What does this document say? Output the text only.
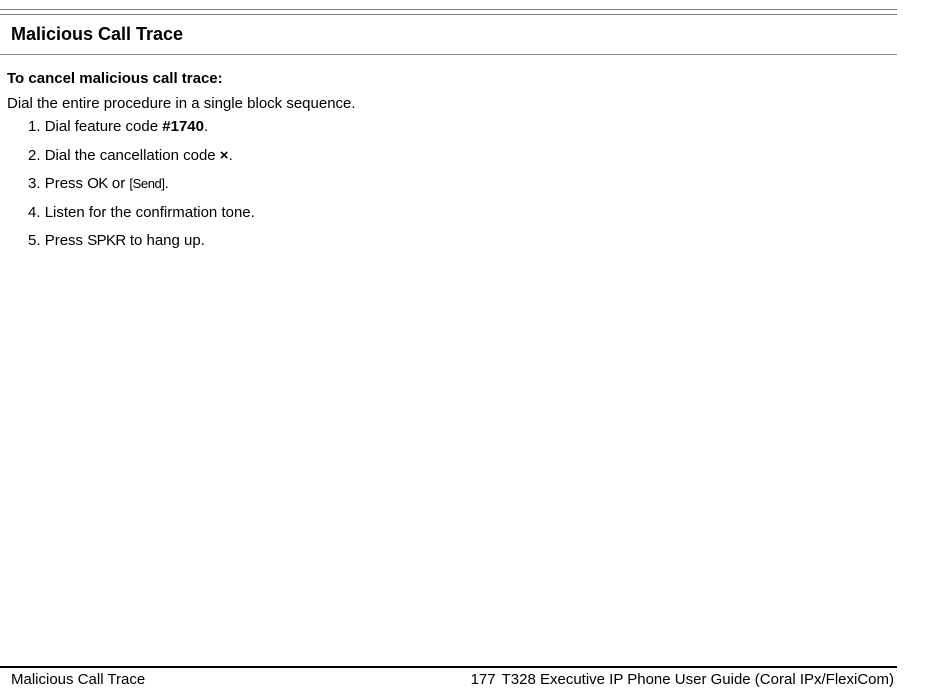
Malicious Call Trace
To cancel malicious call trace:

Dial the entire procedure in a single block sequence.

1. Dial feature code #1740.
2. Dial the cancellation code ×.
3. Press OK or [Send].
4. Listen for the confirmation tone.
5. Press SPKR to hang up.
Malicious Call Trace	177 T328 Executive IP Phone User Guide (Coral IPx/FlexiCom)
